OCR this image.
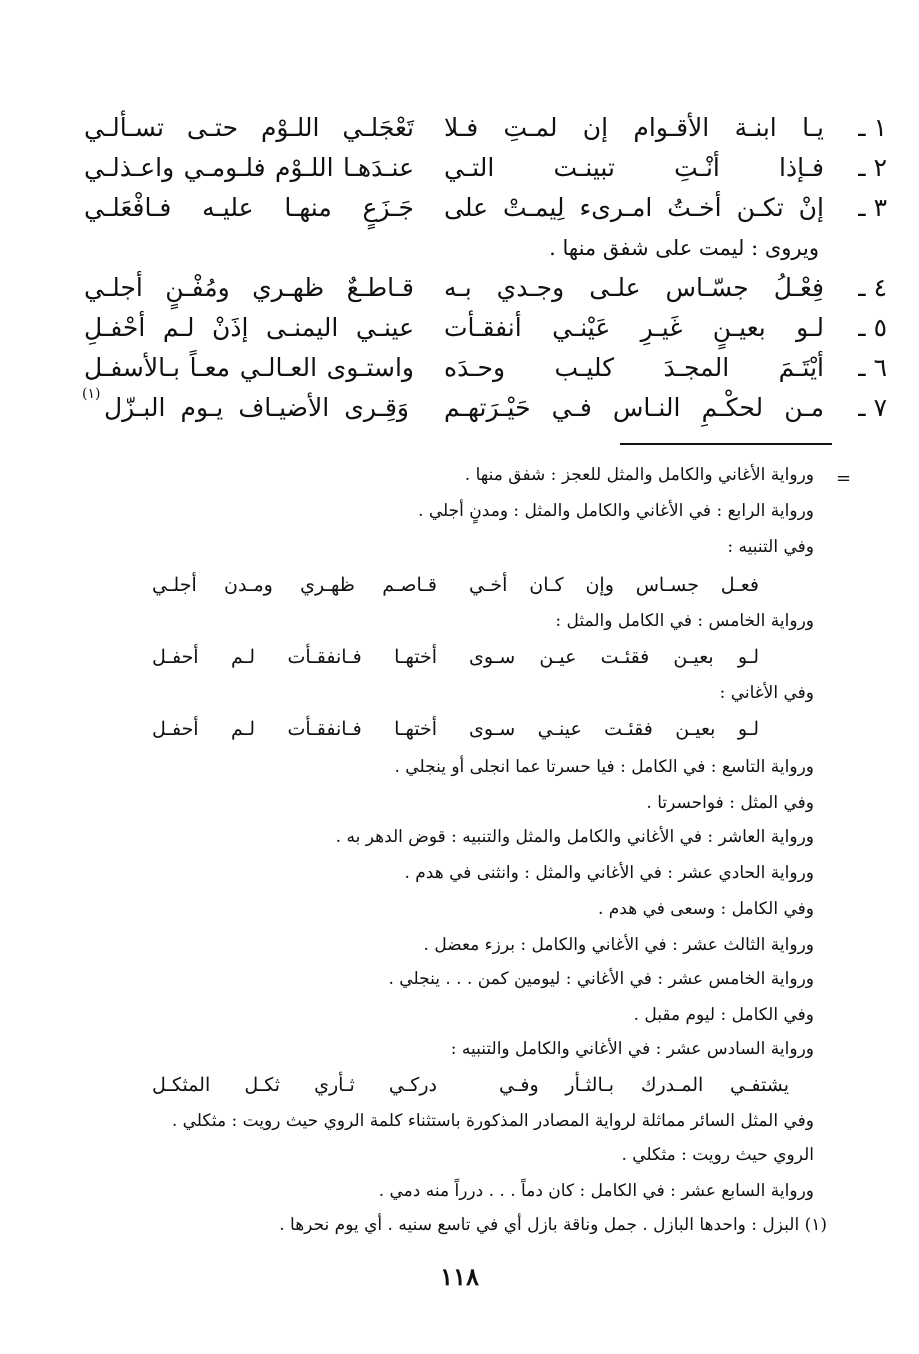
١ ـ
يـا ابنـة الأقـوام إن لمـتِ فـلا
تَعْجَلـي اللـوْم حتـى تسـألـي
٢ ـ
فـإذا أنْـتِ تبينـت التـي
عنـدَهـا اللـوْم فلـومـي واعـذلـي
٣ ـ
إنْ تكـن أخـتُ امـرىء لِيمـتْ على
جَـزَعٍ منهـا عليـه فـافْعَلـي
ويروى : ليمت على شفق منها .
٤ ـ
فِعْـلُ جسّـاس علـى وجـدي بـه
قـاطـعٌ ظهـري ومُفْـنٍ أجلـي
٥ ـ
لـو بعيـنٍ غَيـرِ عَيْنـي أنفقـأت
عينـي اليمنـى إذَنْ لـم أحْفـلِ
٦ ـ
أيْتَـمَ المجـدَ كليـب وحـدَه
واستـوى العـالـي معـاً بـالأسفـل
٧ ـ
مـن لحكْـمِ النـاس فـي حَيْـرَتهـم
وَقِـرى الأضيـاف يـوم البـزّل
(١)
=
ورواية الأغاني والكامل والمثل للعجز : شفق منها .
ورواية الرابع : في الأغاني والكامل والمثل : ومدنٍ أجلي .
وفي التنبيه :
فعـل جسـاس وإن كـان أخـي
قـاصـم ظهـري ومـدن أجلـي
ورواية الخامس : في الكامل والمثل :
لـو بعيـن فقئـت عيـن سـوى
أختهـا فـانفقـأت لـم أحفـل
وفي الأغاني :
لـو بعيـن فقئـت عينـي سـوى
أختهـا فـانفقـأت لـم أحفـل
ورواية التاسع : في الكامل : فيا حسرتا عما انجلى أو ينجلي .
وفي المثل : فواحسرتا .
ورواية العاشر : في الأغاني والكامل والمثل والتنبيه : قوض الدهر به .
ورواية الحادي عشر : في الأغاني والمثل : وانثنى في هدم .
وفي الكامل : وسعى في هدم .
ورواية الثالث عشر : في الأغاني والكامل : برزء معضل .
ورواية الخامس عشر : في الأغاني : ليومين كمن . . . ينجلي .
وفي الكامل : ليوم مقبل .
ورواية السادس عشر : في الأغاني والكامل والتنبيه :
يشتفـي المـدرك بـالثـأر وفـي
دركـي ثـأري ثكـل المثكـل
وفي المثل السائر مماثلة لرواية المصادر المذكورة باستثناء كلمة الروي حيث رويت : مثكلي .
الروي حيث رويت : مثكلي .
ورواية السابع عشر : في الكامل : كان دماً . . . درراً منه دمي .
(١) البزل : واحدها البازل . جمل وناقة بازل أي في تاسع سنيه . أي يوم نحرها .
١١٨
